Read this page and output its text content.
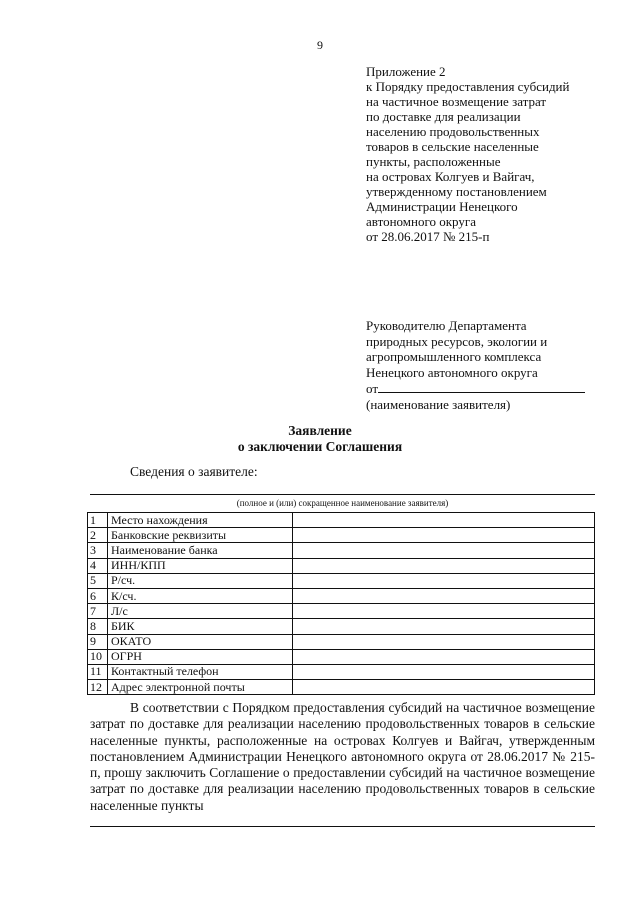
9
Приложение 2
к Порядку предоставления субсидий
на частичное возмещение затрат
по доставке для реализации
населению продовольственных
товаров в сельские населенные
пункты, расположенные
на островах Колгуев и Вайгач,
утвержденному постановлением
Администрации Ненецкого
автономного округа
от 28.06.2017 № 215-п
Руководителю Департамента
природных ресурсов, экологии и
агропромышленного комплекса
Ненецкого автономного округа
от
(наименование заявителя)
Заявление
о заключении Соглашения
Сведения о заявителе:
(полное и (или) сокращенное наименование заявителя)
1	Место нахождения	
2	Банковские реквизиты	
3	Наименование банка	
4	ИНН/КПП	
5	Р/сч.	
6	К/сч.	
7	Л/с	
8	БИК	
9	ОКАТО	
10	ОГРН	
11	Контактный телефон	
12	Адрес электронной почты	
В соответствии с Порядком предоставления субсидий на частичное возмещение затрат по доставке для реализации населению продовольственных товаров в сельские населенные пункты, расположенные на островах Колгуев и Вайгач, утвержденным постановлением Администрации Ненецкого автономного округа от 28.06.2017 № 215-п, прошу заключить Соглашение о предоставлении субсидий на частичное возмещение затрат по доставке для реализации населению продовольственных товаров в сельские населенные пункты
